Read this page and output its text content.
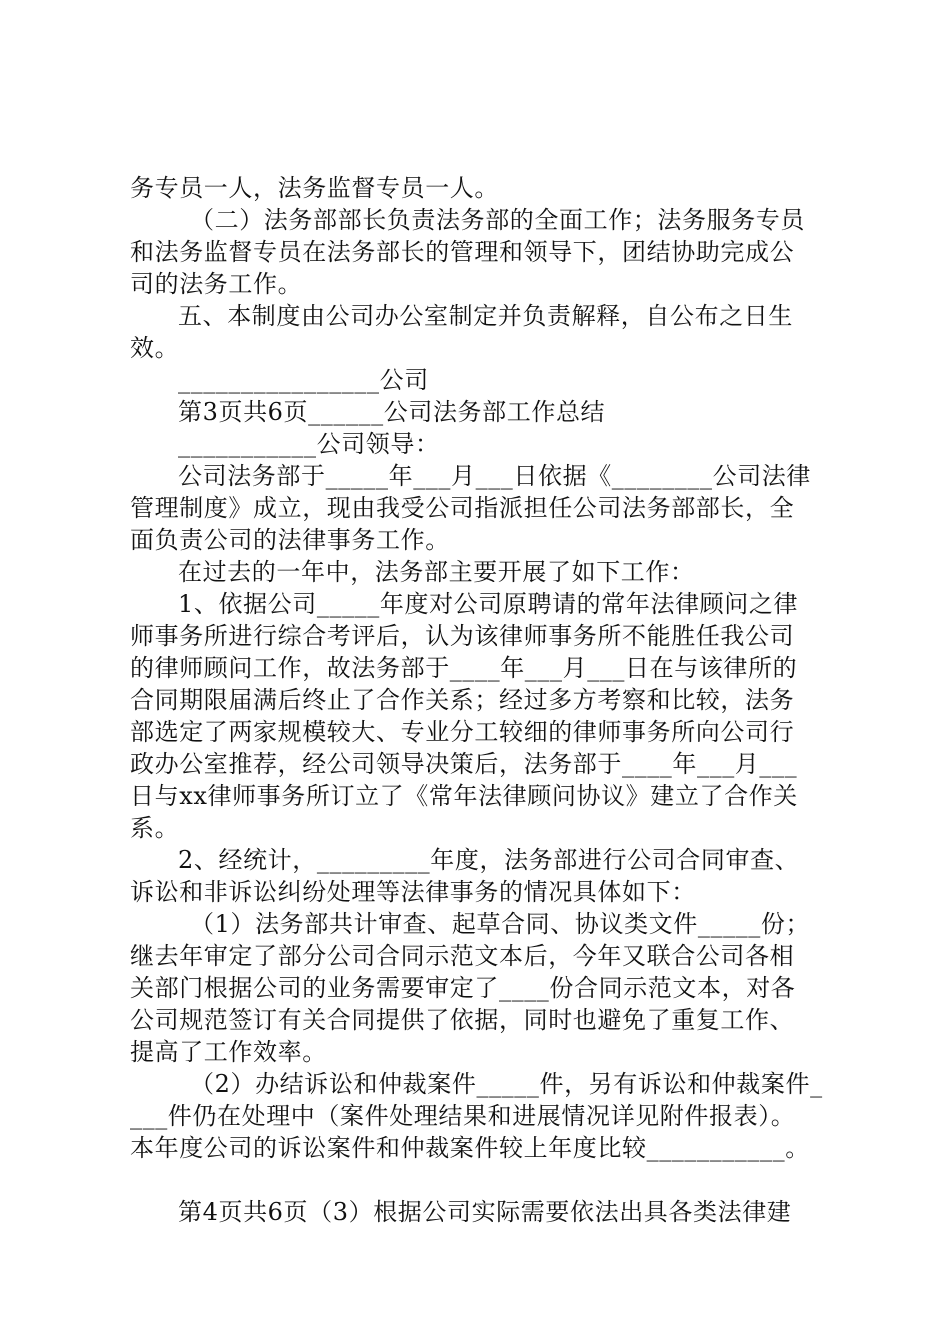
务专员一人，法务监督专员一人。
（二）法务部部长负责法务部的全面工作；法务服务专员
和法务监督专员在法务部长的管理和领导下，团结协助完成公
司的法务工作。
五、本制度由公司办公室制定并负责解释，自公布之日生
效。
________________公司
第3页共6页______公司法务部工作总结
___________公司领导：
公司法务部于_____年___月___日依据《________公司法律
管理制度》成立，现由我受公司指派担任公司法务部部长，全
面负责公司的法律事务工作。
在过去的一年中，法务部主要开展了如下工作：
1、依据公司_____年度对公司原聘请的常年法律顾问之律
师事务所进行综合考评后，认为该律师事务所不能胜任我公司
的律师顾问工作，故法务部于____年___月___日在与该律所的
合同期限届满后终止了合作关系；经过多方考察和比较，法务
部选定了两家规模较大、专业分工较细的律师事务所向公司行
政办公室推荐，经公司领导决策后，法务部于____年___月___
日与xx律师事务所订立了《常年法律顾问协议》建立了合作关
系。
2、经统计，_________年度，法务部进行公司合同审查、
诉讼和非诉讼纠纷处理等法律事务的情况具体如下：
（1）法务部共计审查、起草合同、协议类文件_____份；
继去年审定了部分公司合同示范文本后，今年又联合公司各相
关部门根据公司的业务需要审定了____份合同示范文本，对各
公司规范签订有关合同提供了依据，同时也避免了重复工作、
提高了工作效率。
（2）办结诉讼和仲裁案件_____件，另有诉讼和仲裁案件_
___件仍在处理中（案件处理结果和进展情况详见附件报表）。
本年度公司的诉讼案件和仲裁案件较上年度比较___________。
第4页共6页（3）根据公司实际需要依法出具各类法律建
